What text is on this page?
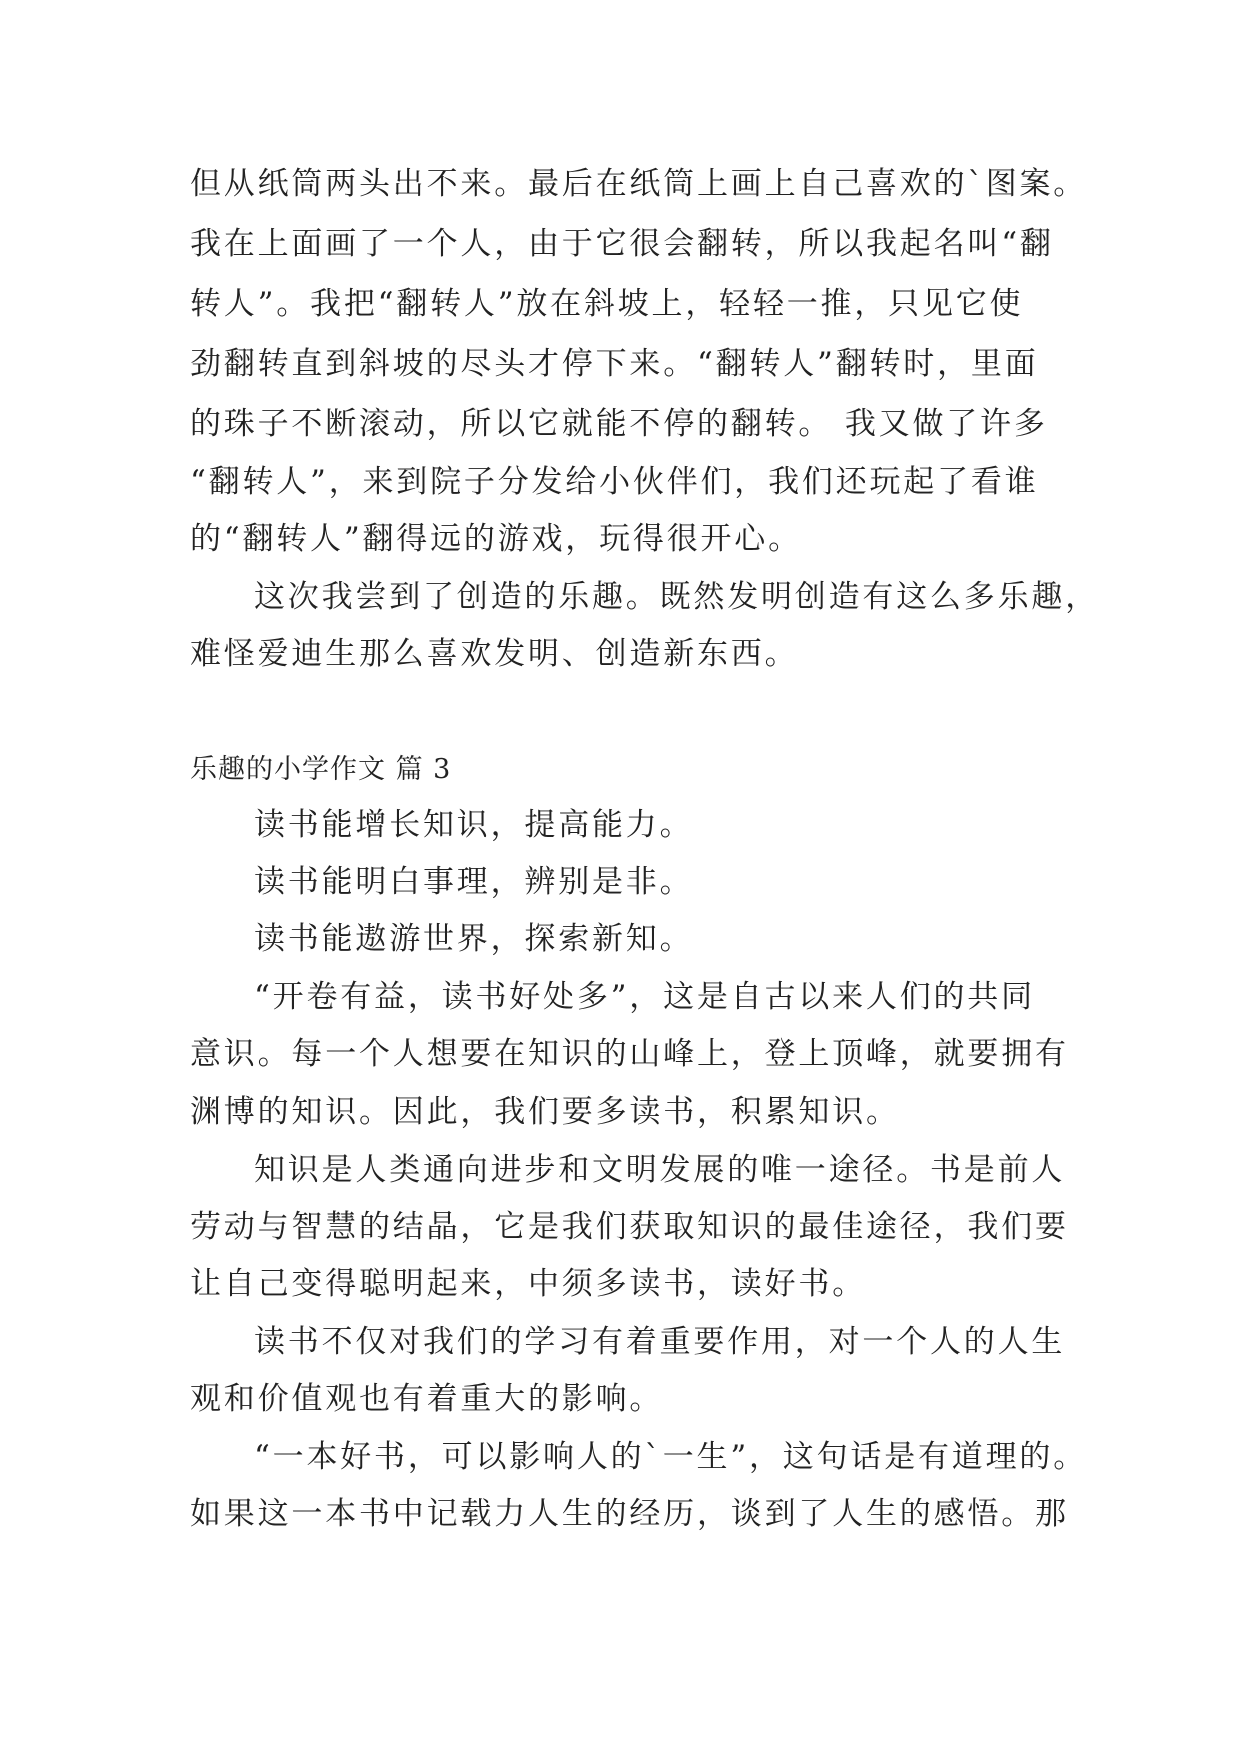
但从纸筒两头出不来。最后在纸筒上画上自己喜欢的`图案。
我在上面画了一个人，由于它很会翻转，所以我起名叫“翻
转人”。我把“翻转人”放在斜坡上，轻轻一推，只见它使
劲翻转直到斜坡的尽头才停下来。“翻转人”翻转时，里面
的珠子不断滚动，所以它就能不停的翻转。 我又做了许多
“翻转人”，来到院子分发给小伙伴们，我们还玩起了看谁
的“翻转人”翻得远的游戏，玩得很开心。
这次我尝到了创造的乐趣。既然发明创造有这么多乐趣，
难怪爱迪生那么喜欢发明、创造新东西。
乐趣的小学作文 篇 3
读书能增长知识，提高能力。
读书能明白事理，辨别是非。
读书能遨游世界，探索新知。
“开卷有益，读书好处多”，这是自古以来人们的共同
意识。每一个人想要在知识的山峰上，登上顶峰，就要拥有
渊博的知识。因此，我们要多读书，积累知识。
知识是人类通向进步和文明发展的唯一途径。书是前人
劳动与智慧的结晶，它是我们获取知识的最佳途径，我们要
让自己变得聪明起来，中须多读书，读好书。
读书不仅对我们的学习有着重要作用，对一个人的人生
观和价值观也有着重大的影响。
“一本好书，可以影响人的`一生”，这句话是有道理的。
如果这一本书中记载力人生的经历，谈到了人生的感悟。那
